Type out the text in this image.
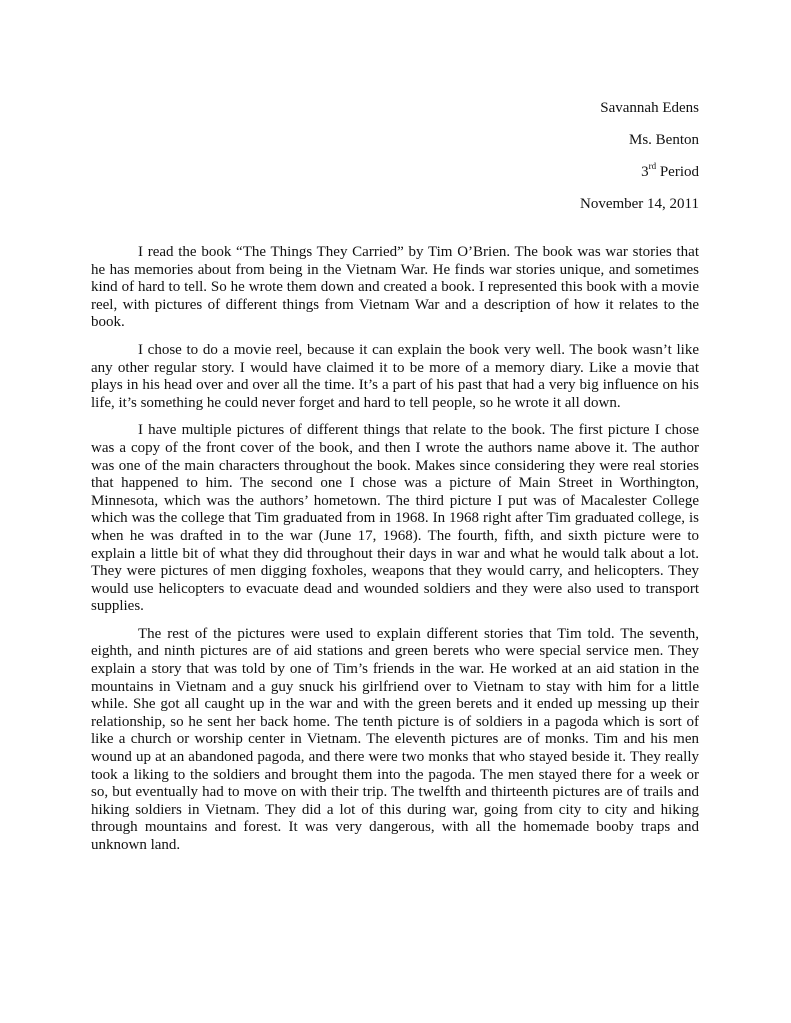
Savannah Edens
Ms. Benton
3rd Period
November 14, 2011

I read the book “The Things They Carried” by Tim O’Brien. The book was war stories that he has memories about from being in the Vietnam War. He finds war stories unique, and sometimes kind of hard to tell. So he wrote them down and created a book. I represented this book with a movie reel, with pictures of different things from Vietnam War and a description of how it relates to the book.

I chose to do a movie reel, because it can explain the book very well. The book wasn’t like any other regular story. I would have claimed it to be more of a memory diary. Like a movie that plays in his head over and over all the time. It’s a part of his past that had a very big influence on his life, it’s something he could never forget and hard to tell people, so he wrote it all down.

I have multiple pictures of different things that relate to the book. The first picture I chose was a copy of the front cover of the book, and then I wrote the authors name above it. The author was one of the main characters throughout the book. Makes since considering they were real stories that happened to him. The second one I chose was a picture of Main Street in Worthington, Minnesota, which was the authors’ hometown. The third picture I put was of Macalester College which was the college that Tim graduated from in 1968. In 1968 right after Tim graduated college, is when he was drafted in to the war (June 17, 1968). The fourth, fifth, and sixth picture were to explain a little bit of what they did throughout their days in war and what he would talk about a lot. They were pictures of men digging foxholes, weapons that they would carry, and helicopters. They would use helicopters to evacuate dead and wounded soldiers and they were also used to transport supplies.

The rest of the pictures were used to explain different stories that Tim told. The seventh, eighth, and ninth pictures are of aid stations and green berets who were special service men. They explain a story that was told by one of Tim’s friends in the war. He worked at an aid station in the mountains in Vietnam and a guy snuck his girlfriend over to Vietnam to stay with him for a little while. She got all caught up in the war and with the green berets and it ended up messing up their relationship, so he sent her back home. The tenth picture is of soldiers in a pagoda which is sort of like a church or worship center in Vietnam. The eleventh pictures are of monks. Tim and his men wound up at an abandoned pagoda, and there were two monks that who stayed beside it. They really took a liking to the soldiers and brought them into the pagoda. The men stayed there for a week or so, but eventually had to move on with their trip. The twelfth and thirteenth pictures are of trails and hiking soldiers in Vietnam. They did a lot of this during war, going from city to city and hiking through mountains and forest. It was very dangerous, with all the homemade booby traps and unknown land.
